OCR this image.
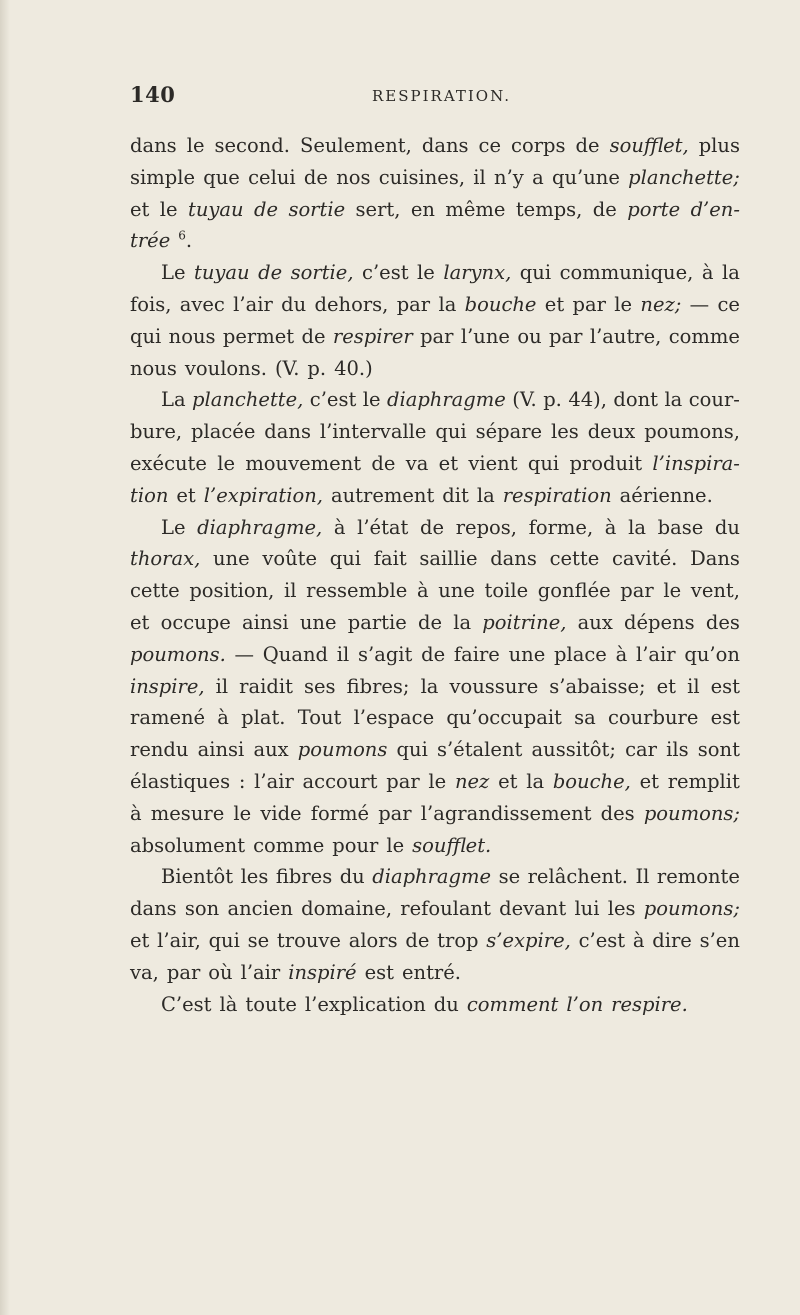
140	RESPIRATION.
dans le second. Seulement, dans ce corps de soufflet, plus
simple que celui de nos cuisines, il n’y a qu’une planchette;
et le tuyau de sortie sert, en même temps, de porte d’en-
trée $^6$.
Le tuyau de sortie, c’est le larynx, qui communique, à la
fois, avec l’air du dehors, par la bouche et par le nez; — ce
qui nous permet de respirer par l’une ou par l’autre, comme
nous voulons. (V. p. 40.)
La planchette, c’est le diaphragme (V. p. 44), dont la cour-
bure, placée dans l’intervalle qui sépare les deux poumons,
exécute le mouvement de va et vient qui produit l’inspira-
tion et l’expiration, autrement dit la respiration aérienne.
Le diaphragme, à l’état de repos, forme, à la base du
thorax, une voûte qui fait saillie dans cette cavité. Dans
cette position, il ressemble à une toile gonflée par le vent,
et occupe ainsi une partie de la poitrine, aux dépens des
poumons. — Quand il s’agit de faire une place à l’air qu’on
inspire, il raidit ses fibres; la voussure s’abaisse; et il est
ramené à plat. Tout l’espace qu’occupait sa courbure est
rendu ainsi aux poumons qui s’étalent aussitôt; car ils sont
élastiques : l’air accourt par le nez et la bouche, et remplit
à mesure le vide formé par l’agrandissement des poumons;
absolument comme pour le soufflet.
Bientôt les fibres du diaphragme se relâchent. Il remonte
dans son ancien domaine, refoulant devant lui les poumons;
et l’air, qui se trouve alors de trop s’expire, c’est à dire s’en
va, par où l’air inspiré est entré.
C’est là toute l’explication du comment l’on respire.
